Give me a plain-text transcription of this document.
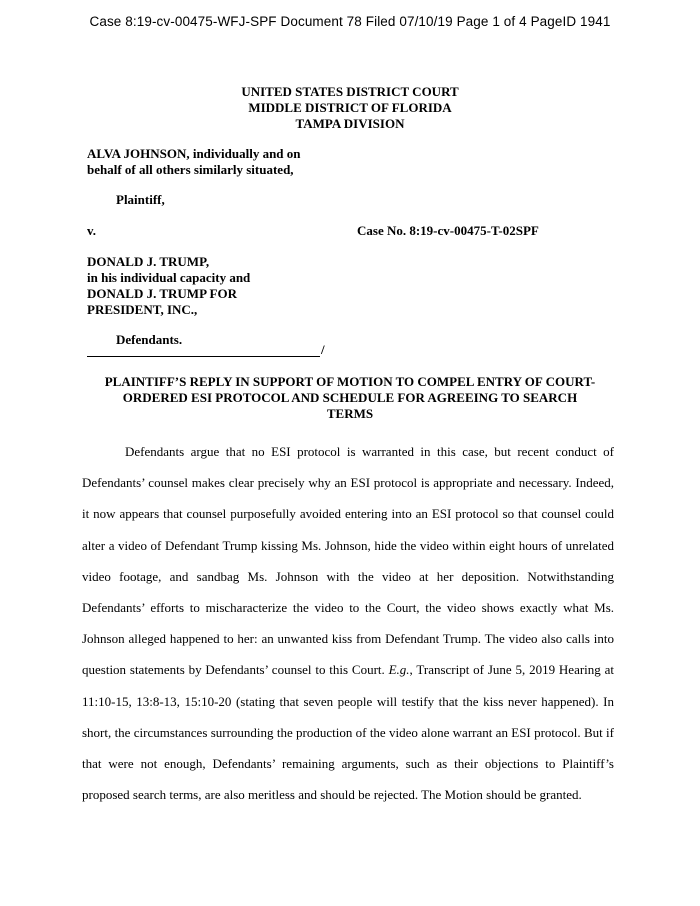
Case 8:19-cv-00475-WFJ-SPF Document 78 Filed 07/10/19 Page 1 of 4 PageID 1941
UNITED STATES DISTRICT COURT
MIDDLE DISTRICT OF FLORIDA
TAMPA DIVISION
ALVA JOHNSON, individually and on
behalf of all others similarly situated,
Plaintiff,
v.	Case No. 8:19-cv-00475-T-02SPF
DONALD J. TRUMP,
in his individual capacity and
DONALD J. TRUMP FOR
PRESIDENT, INC.,
Defendants.
/
PLAINTIFF’S REPLY IN SUPPORT OF MOTION TO COMPEL ENTRY OF COURT-
ORDERED ESI PROTOCOL AND SCHEDULE FOR AGREEING TO SEARCH
TERMS

Defendants argue that no ESI protocol is warranted in this case, but recent conduct of Defendants’ counsel makes clear precisely why an ESI protocol is appropriate and necessary. Indeed, it now appears that counsel purposefully avoided entering into an ESI protocol so that counsel could alter a video of Defendant Trump kissing Ms. Johnson, hide the video within eight hours of unrelated video footage, and sandbag Ms. Johnson with the video at her deposition. Notwithstanding Defendants’ efforts to mischaracterize the video to the Court, the video shows exactly what Ms. Johnson alleged happened to her: an unwanted kiss from Defendant Trump. The video also calls into question statements by Defendants’ counsel to this Court. E.g., Transcript of June 5, 2019 Hearing at 11:10-15, 13:8-13, 15:10-20 (stating that seven people will testify that the kiss never happened). In short, the circumstances surrounding the production of the video alone warrant an ESI protocol. But if that were not enough, Defendants’ remaining arguments, such as their objections to Plaintiff’s proposed search terms, are also meritless and should be rejected. The Motion should be granted.
